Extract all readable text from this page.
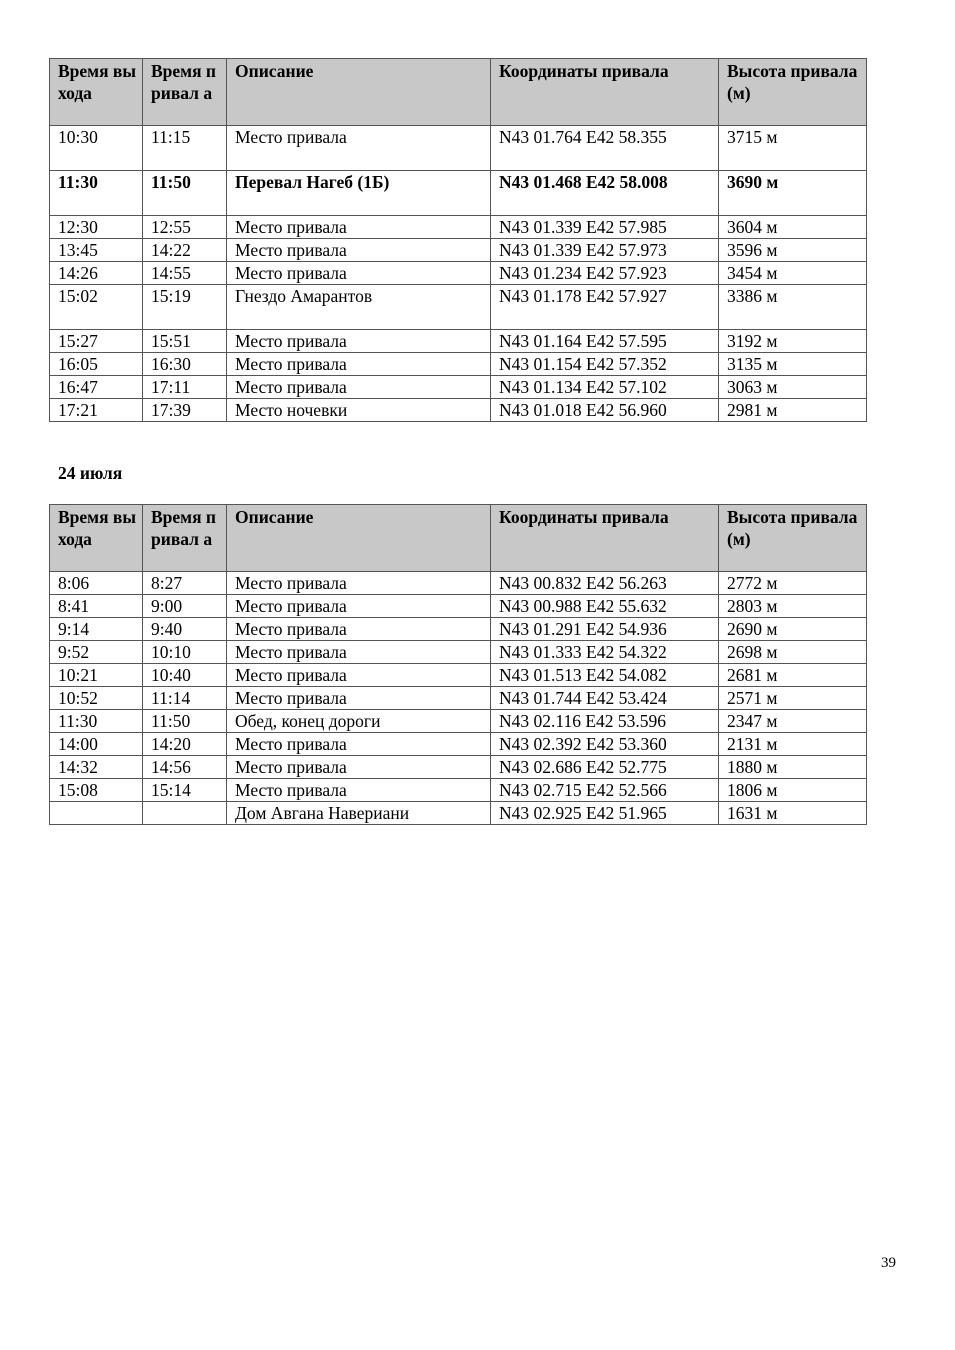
Время выхода	Время привал а	Описание	Координаты привала	Высота привала (м)
10:30	11:15	Место привала	N43 01.764 E42 58.355	3715 м
11:30	11:50	Перевал Нагеб (1Б)	N43 01.468 E42 58.008	3690 м
12:30	12:55	Место привала	N43 01.339 E42 57.985	3604 м
13:45	14:22	Место привала	N43 01.339 E42 57.973	3596 м
14:26	14:55	Место привала	N43 01.234 E42 57.923	3454 м
15:02	15:19	Гнездо Амарантов	N43 01.178 E42 57.927	3386 м
15:27	15:51	Место привала	N43 01.164 E42 57.595	3192 м
16:05	16:30	Место привала	N43 01.154 E42 57.352	3135 м
16:47	17:11	Место привала	N43 01.134 E42 57.102	3063 м
17:21	17:39	Место ночевки	N43 01.018 E42 56.960	2981 м
24 июля
Время выхода	Время привал а	Описание	Координаты привала	Высота привала (м)
8:06	8:27	Место привала	N43 00.832 E42 56.263	2772 м
8:41	9:00	Место привала	N43 00.988 E42 55.632	2803 м
9:14	9:40	Место привала	N43 01.291 E42 54.936	2690 м
9:52	10:10	Место привала	N43 01.333 E42 54.322	2698 м
10:21	10:40	Место привала	N43 01.513 E42 54.082	2681 м
10:52	11:14	Место привала	N43 01.744 E42 53.424	2571 м
11:30	11:50	Обед, конец дороги	N43 02.116 E42 53.596	2347 м
14:00	14:20	Место привала	N43 02.392 E42 53.360	2131 м
14:32	14:56	Место привала	N43 02.686 E42 52.775	1880 м
15:08	15:14	Место привала	N43 02.715 E42 52.566	1806 м
		Дом Авгана Навериани	N43 02.925 E42 51.965	1631 м
39
